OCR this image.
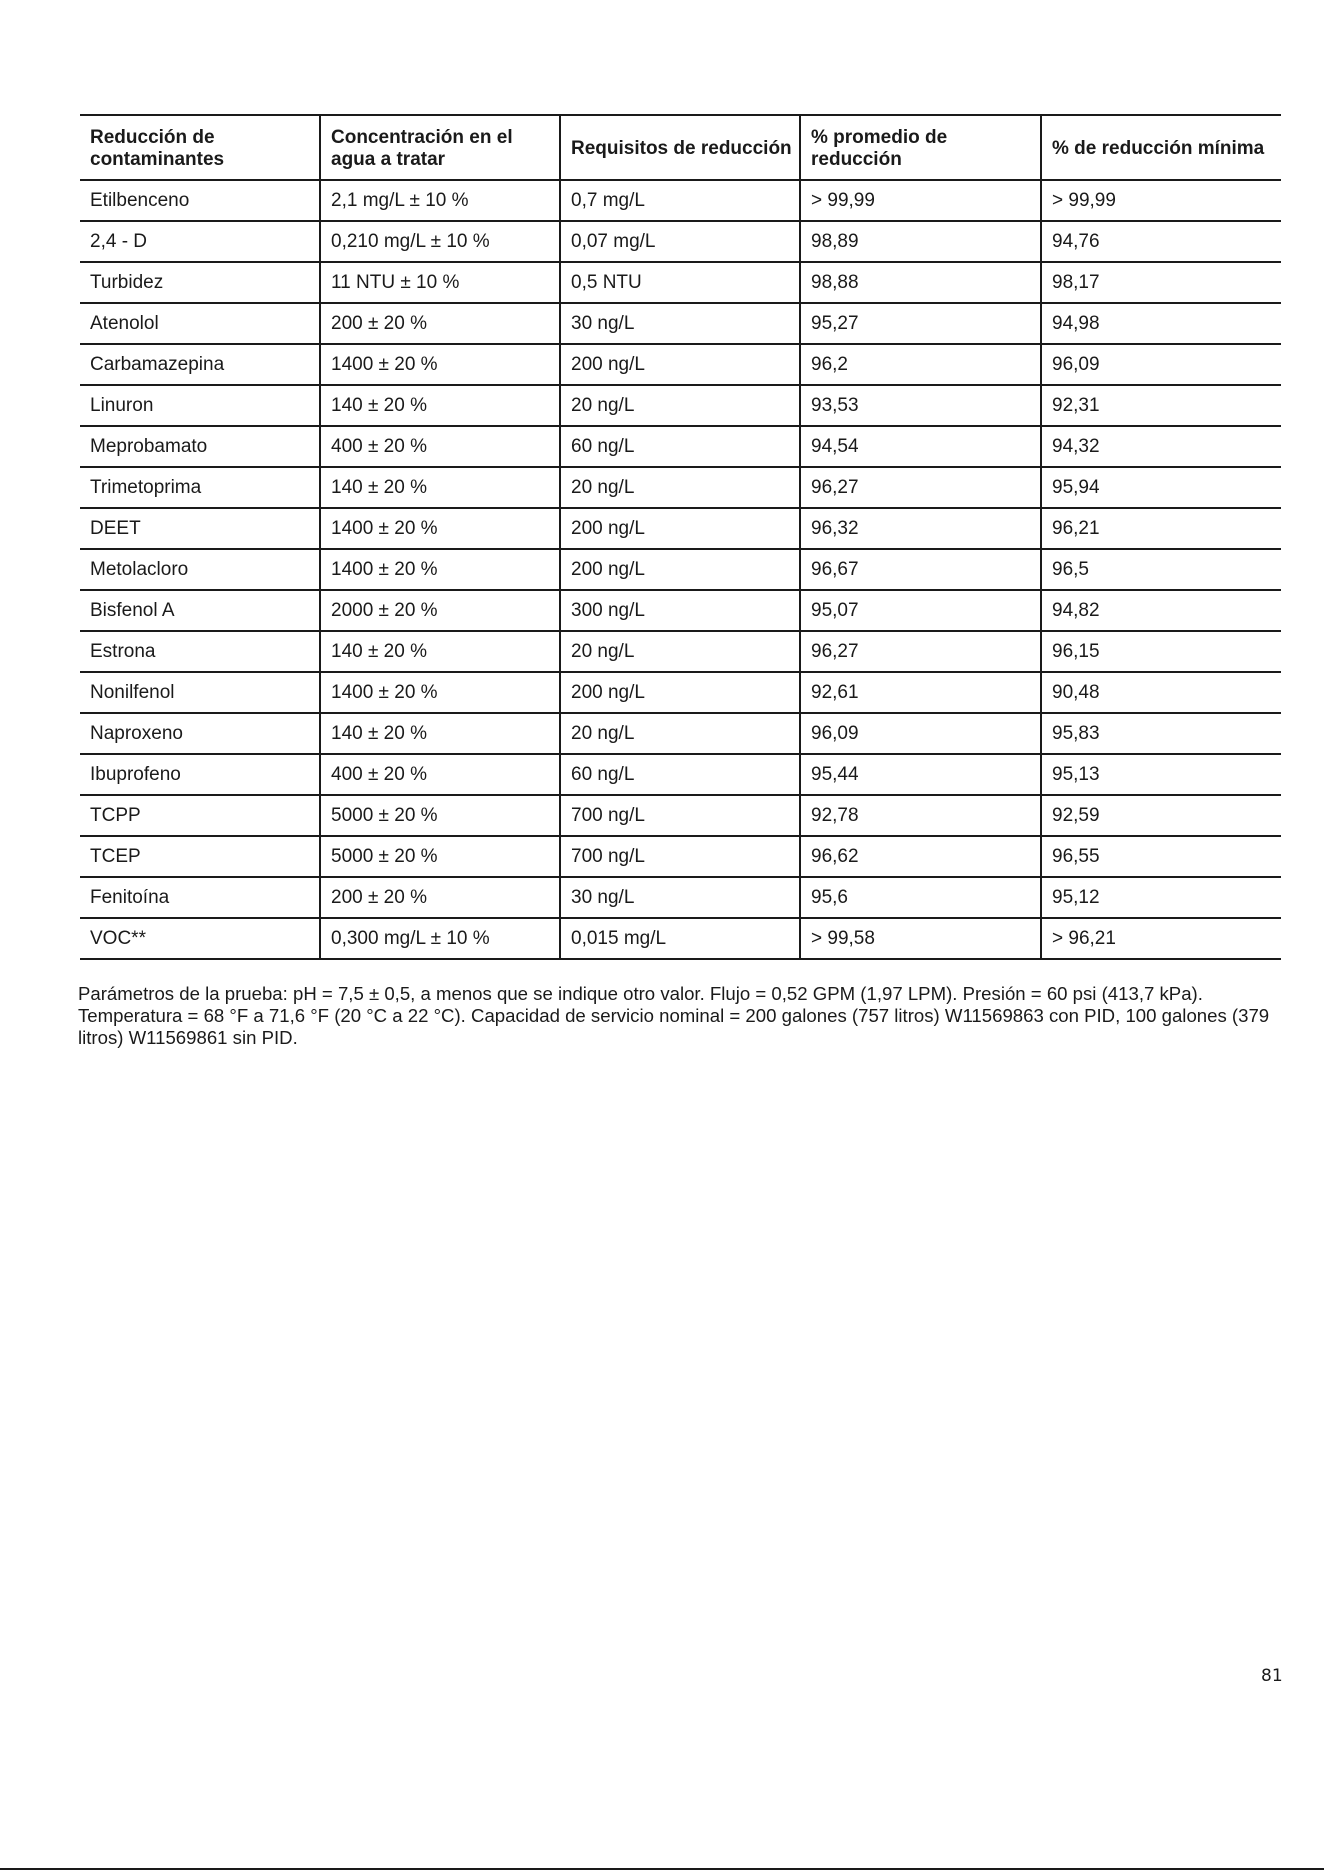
Reducción de contaminantes	Concentración en el agua a tratar	Requisitos de reducción	% promedio de reducción	% de reducción mínima
Etilbenceno	2,1 mg/L ± 10 %	0,7 mg/L	> 99,99	> 99,99
2,4 - D	0,210 mg/L ± 10 %	0,07 mg/L	98,89	94,76
Turbidez	11 NTU ± 10 %	0,5 NTU	98,88	98,17
Atenolol	200 ± 20 %	30 ng/L	95,27	94,98
Carbamazepina	1400 ± 20 %	200 ng/L	96,2	96,09
Linuron	140 ± 20 %	20 ng/L	93,53	92,31
Meprobamato	400 ± 20 %	60 ng/L	94,54	94,32
Trimetoprima	140 ± 20 %	20 ng/L	96,27	95,94
DEET	1400 ± 20 %	200 ng/L	96,32	96,21
Metolacloro	1400 ± 20 %	200 ng/L	96,67	96,5
Bisfenol A	2000 ± 20 %	300 ng/L	95,07	94,82
Estrona	140 ± 20 %	20 ng/L	96,27	96,15
Nonilfenol	1400 ± 20 %	200 ng/L	92,61	90,48
Naproxeno	140 ± 20 %	20 ng/L	96,09	95,83
Ibuprofeno	400 ± 20 %	60 ng/L	95,44	95,13
TCPP	5000 ± 20 %	700 ng/L	92,78	92,59
TCEP	5000 ± 20 %	700 ng/L	96,62	96,55
Fenitoína	200 ± 20 %	30 ng/L	95,6	95,12
VOC**	0,300 mg/L ± 10 %	0,015 mg/L	> 99,58	> 96,21

Parámetros de la prueba: pH = 7,5 ± 0,5, a menos que se indique otro valor. Flujo = 0,52 GPM (1,97 LPM). Presión = 60 psi (413,7 kPa). Temperatura = 68 °F a 71,6 °F (20 °C a 22 °C). Capacidad de servicio nominal = 200 galones (757 litros) W11569863 con PID, 100 galones (379 litros) W11569861 sin PID.

81
